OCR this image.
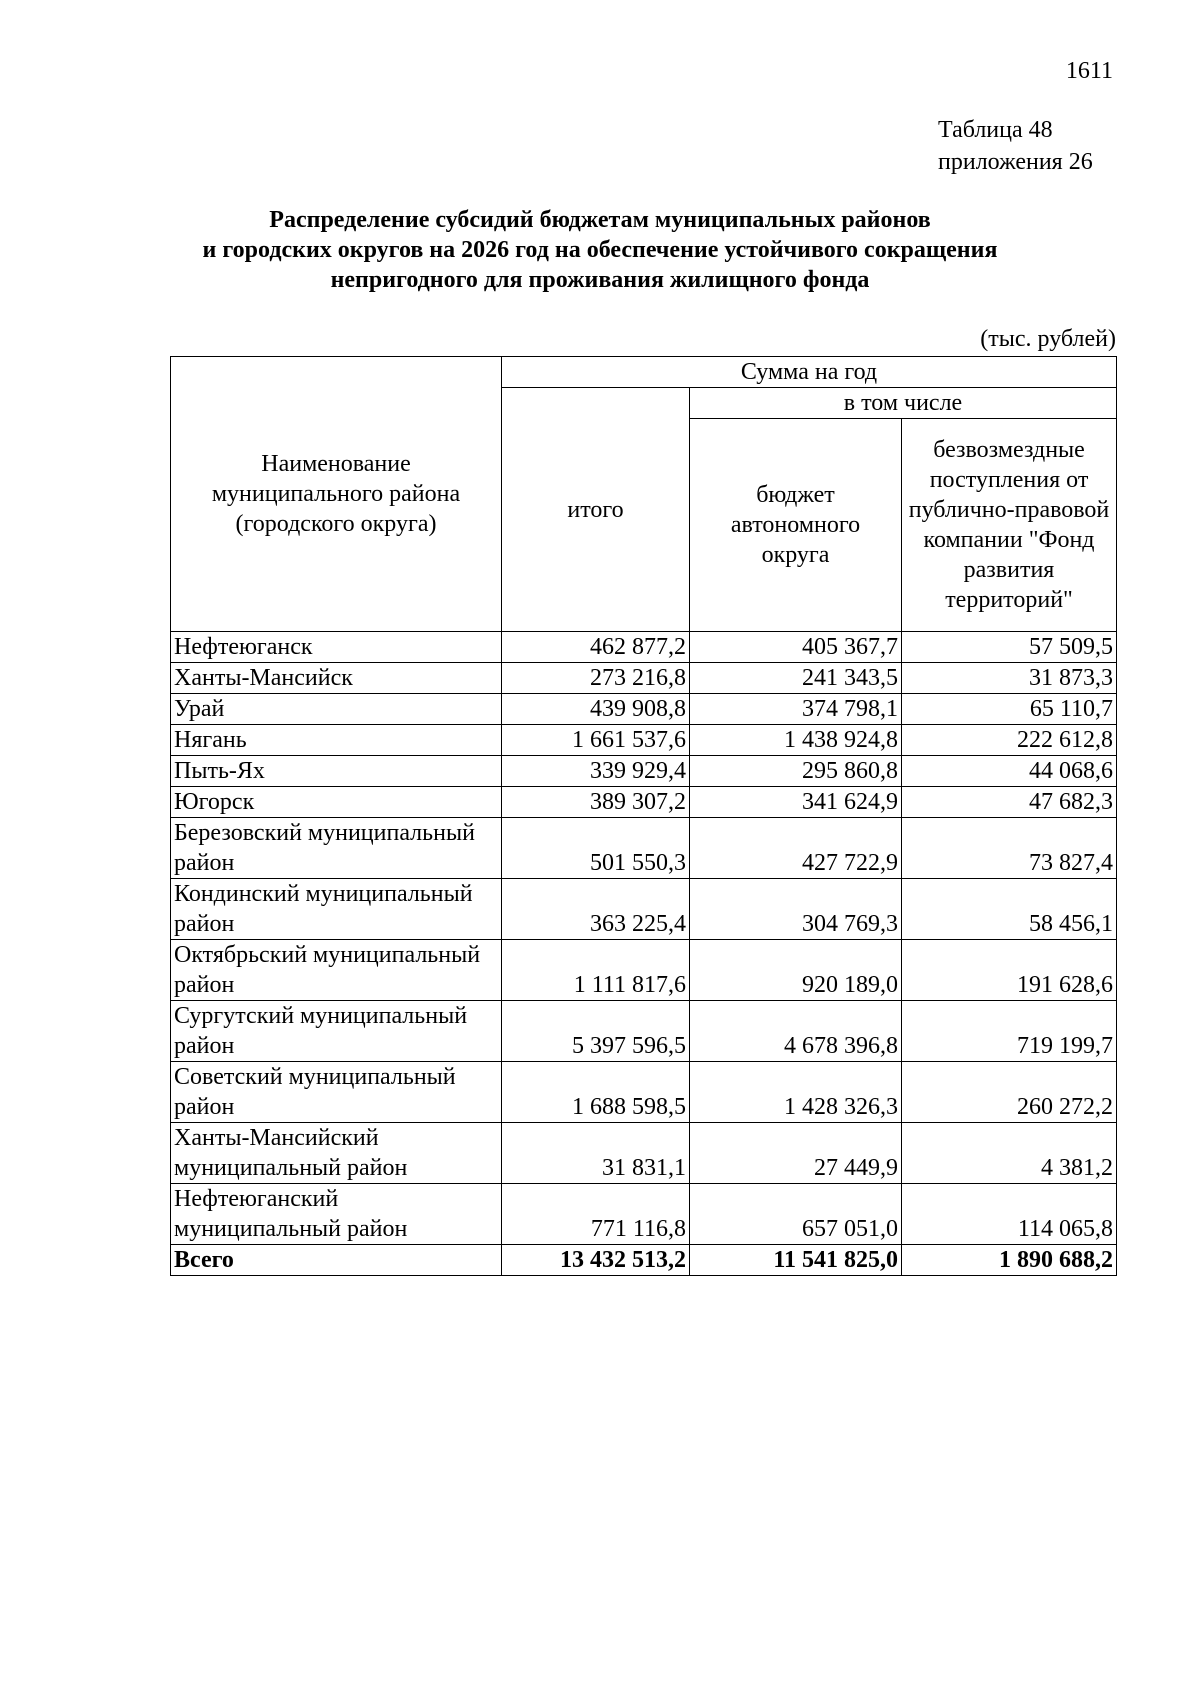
1611
Таблица 48
приложения 26
Распределение субсидий бюджетам муниципальных районов
и городских округов на 2026 год на обеспечение устойчивого сокращения
непригодного для проживания жилищного фонда
(тыс. рублей)
Наименование муниципального района (городского округа)	Сумма на год		
	итого	в том числе	
		бюджет автономного округа	безвозмездные поступления от публично-правовой компании "Фонд развития территорий"
Нефтеюганск	462 877,2	405 367,7	57 509,5
Ханты-Мансийск	273 216,8	241 343,5	31 873,3
Урай	439 908,8	374 798,1	65 110,7
Нягань	1 661 537,6	1 438 924,8	222 612,8
Пыть-Ях	339 929,4	295 860,8	44 068,6
Югорск	389 307,2	341 624,9	47 682,3
Березовский муниципальный район	501 550,3	427 722,9	73 827,4
Кондинский муниципальный район	363 225,4	304 769,3	58 456,1
Октябрьский муниципальный район	1 111 817,6	920 189,0	191 628,6
Сургутский муниципальный район	5 397 596,5	4 678 396,8	719 199,7
Советский муниципальный район	1 688 598,5	1 428 326,3	260 272,2
Ханты-Мансийский муниципальный район	31 831,1	27 449,9	4 381,2
Нефтеюганский муниципальный район	771 116,8	657 051,0	114 065,8
Всего	13 432 513,2	11 541 825,0	1 890 688,2
